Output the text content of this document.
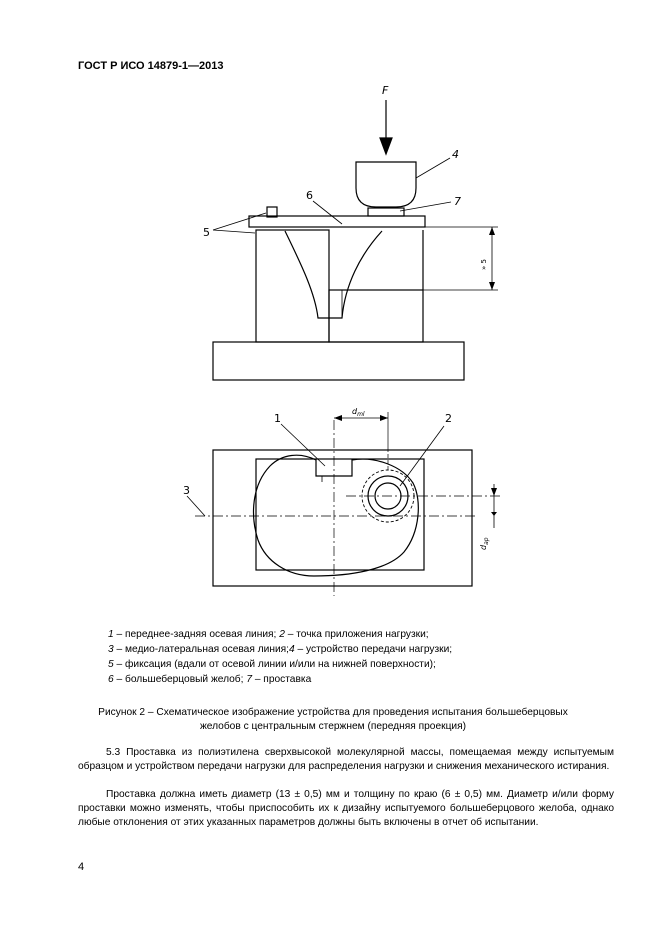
ГОСТ Р ИСО 14879-1—2013
F
4
6	7
5
» 5
1	2
3
$d_{ml}$
$d_{ap}$
1 – переднее-задняя осевая линия; 2 – точка приложения нагрузки;
3 – медио-латеральная осевая линия;4 – устройство передачи нагрузки;
5 – фиксация (вдали от осевой линии и/или на нижней поверхности);
6 – большеберцовый желоб; 7 – проставка
Рисунок 2 – Схематическое изображение устройства для проведения испытания большеберцовых желобов с центральным стержнем (передняя проекция)
5.3 Проставка из полиэтилена сверхвысокой молекулярной массы, помещаемая между испытуемым образцом и устройством передачи нагрузки для распределения нагрузки и снижения механического истирания.
Проставка должна иметь диаметр (13 ± 0,5) мм и толщину по краю (6 ± 0,5) мм. Диаметр и/или форму проставки можно изменять, чтобы приспособить их к дизайну испытуемого большеберцового желоба, однако любые отклонения от этих указанных параметров должны быть включены в отчет об испытании.
4
